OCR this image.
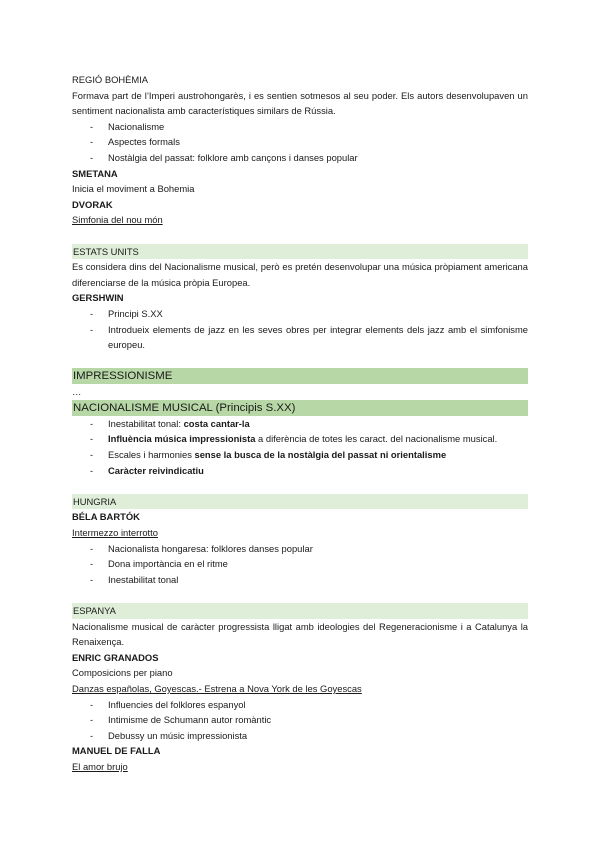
REGIÓ BOHÈMIA

Formava part de l’Imperi austrohongarès, i es sentien sotmesos al seu poder. Els autors desenvolupaven un sentiment nacionalista amb característiques similars de Rússia.

- Nacionalisme
- Aspectes formals
- Nostàlgia del passat: folklore amb cançons i danses popular

SMETANA

Inicia el moviment a Bohemia

DVORAK

Simfonia del nou món

ESTATS UNITS

Es considera dins del Nacionalisme musical, però es pretén desenvolupar una música pròpiament americana diferenciarse de la música pròpia Europea.

GERSHWIN

- Principi S.XX
- Introdueix elements de jazz en les seves obres per integrar elements dels jazz amb el simfonisme europeu.

IMPRESSIONISME

…

NACIONALISME MUSICAL (Principis S.XX)

- Inestabilitat tonal: costa cantar-la
- Influència música impressionista a diferència de totes les caract. del nacionalisme musical.
- Escales i harmonies sense la busca de la nostàlgia del passat ni orientalisme
- Caràcter reivindicatiu

HUNGRIA

BÉLA BARTÓK

Intermezzo interrotto

- Nacionalista hongaresa: folklores danses popular
- Dona importància en el ritme
- Inestabilitat tonal

ESPANYA

Nacionalisme musical de caràcter progressista lligat amb ideologies del Regeneracionisme i a Catalunya la Renaixença.

ENRIC GRANADOS

Composicions per piano

Danzas españolas, Goyescas.- Estrena a Nova York de les Goyescas

- Influencies del folklores espanyol
- Intimisme de Schumann autor romàntic
- Debussy un músic impressionista

MANUEL DE FALLA

El amor brujo
